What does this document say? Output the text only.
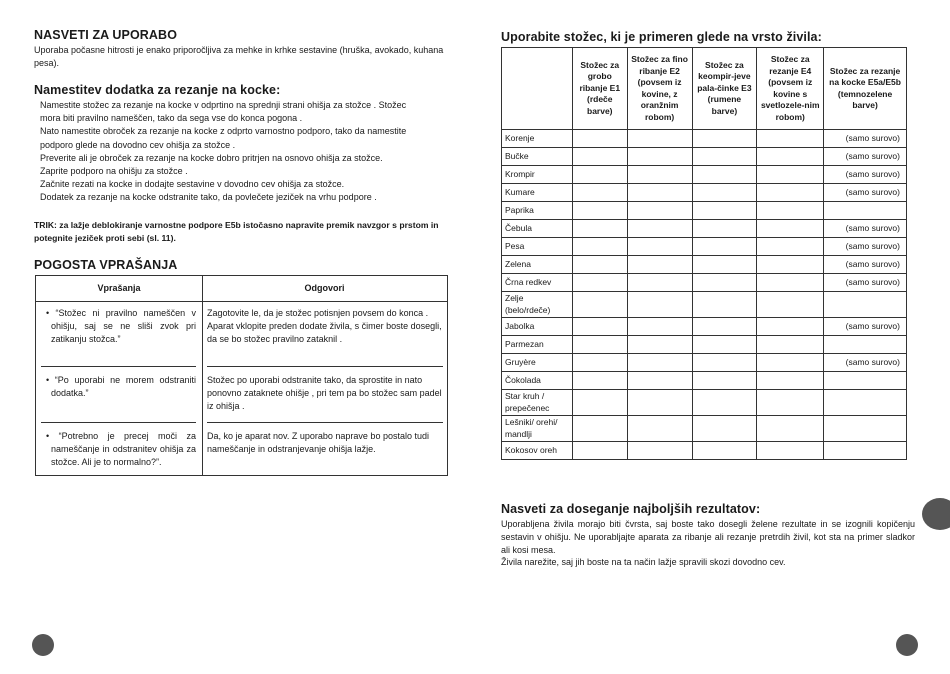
NASVETI ZA UPORABO
Uporaba počasne hitrosti je enako priporočljiva za mehke in krhke sestavine (hruška, avokado, kuhana pesa).
Namestitev dodatka za rezanje na kocke:
Namestite stožec za rezanje na kocke v odprtino na sprednji strani ohišja za stožce . Stožec
mora biti pravilno nameščen, tako da sega vse do konca pogona .
Nato namestite obroček za rezanje na kocke z odprto varnostno podporo, tako da namestite
podporo glede na dovodno cev ohišja za stožce .
Preverite ali je obroček za rezanje na kocke dobro pritrjen na osnovo ohišja za stožce.
Zaprite podporo na ohišju za stožce .
Začnite rezati na kocke in dodajte sestavine v dovodno cev ohišja za stožce.
Dodatek za rezanje na kocke odstranite tako, da povlečete jeziček na vrhu podpore .
TRIK: za lažje deblokiranje varnostne podpore E5b istočasno napravite premik navzgor s prstom in potegnite jeziček proti sebi (sl. 11).
POGOSTA VPRAŠANJA
Vprašanja	Odgovori
• “Stožec ni pravilno nameščen v ohišju, saj se ne sliši zvok pri zatikanju stožca.”
Zagotovite le, da je stožec potisnjen povsem do konca . Aparat vklopite preden dodate živila, s čimer boste dosegli, da se bo stožec pravilno zataknil .
• “Po uporabi ne morem odstraniti dodatka.”
Stožec po uporabi odstranite tako, da sprostite in nato ponovno zataknete ohišje , pri tem pa bo stožec sam padel iz ohišja .
• “Potrebno je precej moči za nameščanje in odstranitev ohišja za stožce. Ali je to normalno?”.
Da, ko je aparat nov. Z uporabo naprave bo postalo tudi nameščanje in odstranjevanje ohišja lažje.
Uporabite stožec, ki je primeren glede na vrsto živila:
	Stožec za grobo ribanje E1 (rdeče barve)	Stožec za fino ribanje E2 (povsem iz kovine, z oranžnim robom)	Stožec za keompir-jeve pala-činke E3 (rumene barve)	Stožec za rezanje E4 (povsem iz kovine s svetlozele-nim robom)	Stožec za rezanje na kocke E5a/E5b (temnozelene barve)
Korenje					(samo surovo)
Bučke					(samo surovo)
Krompir					(samo surovo)
Kumare					(samo surovo)
Paprika					
Čebula					(samo surovo)
Pesa					(samo surovo)
Zelena					(samo surovo)
Črna redkev					(samo surovo)
Zelje (belo/rdeče)					
Jabolka					(samo surovo)
Parmezan					
Gruyère					(samo surovo)
Čokolada					
Star kruh / prepečenec					
Lešniki/ orehi/ mandlji					
Kokosov oreh					
Nasveti za doseganje najboljših rezultatov:
Uporabljena živila morajo biti čvrsta, saj boste tako dosegli želene rezultate in se izognili kopičenju sestavin v ohišju. Ne uporabljajte aparata za ribanje ali rezanje pretrdih živil, kot sta na primer sladkor ali kosi mesa.
Živila narežite, saj jih boste na ta način lažje spravili skozi dovodno cev.
